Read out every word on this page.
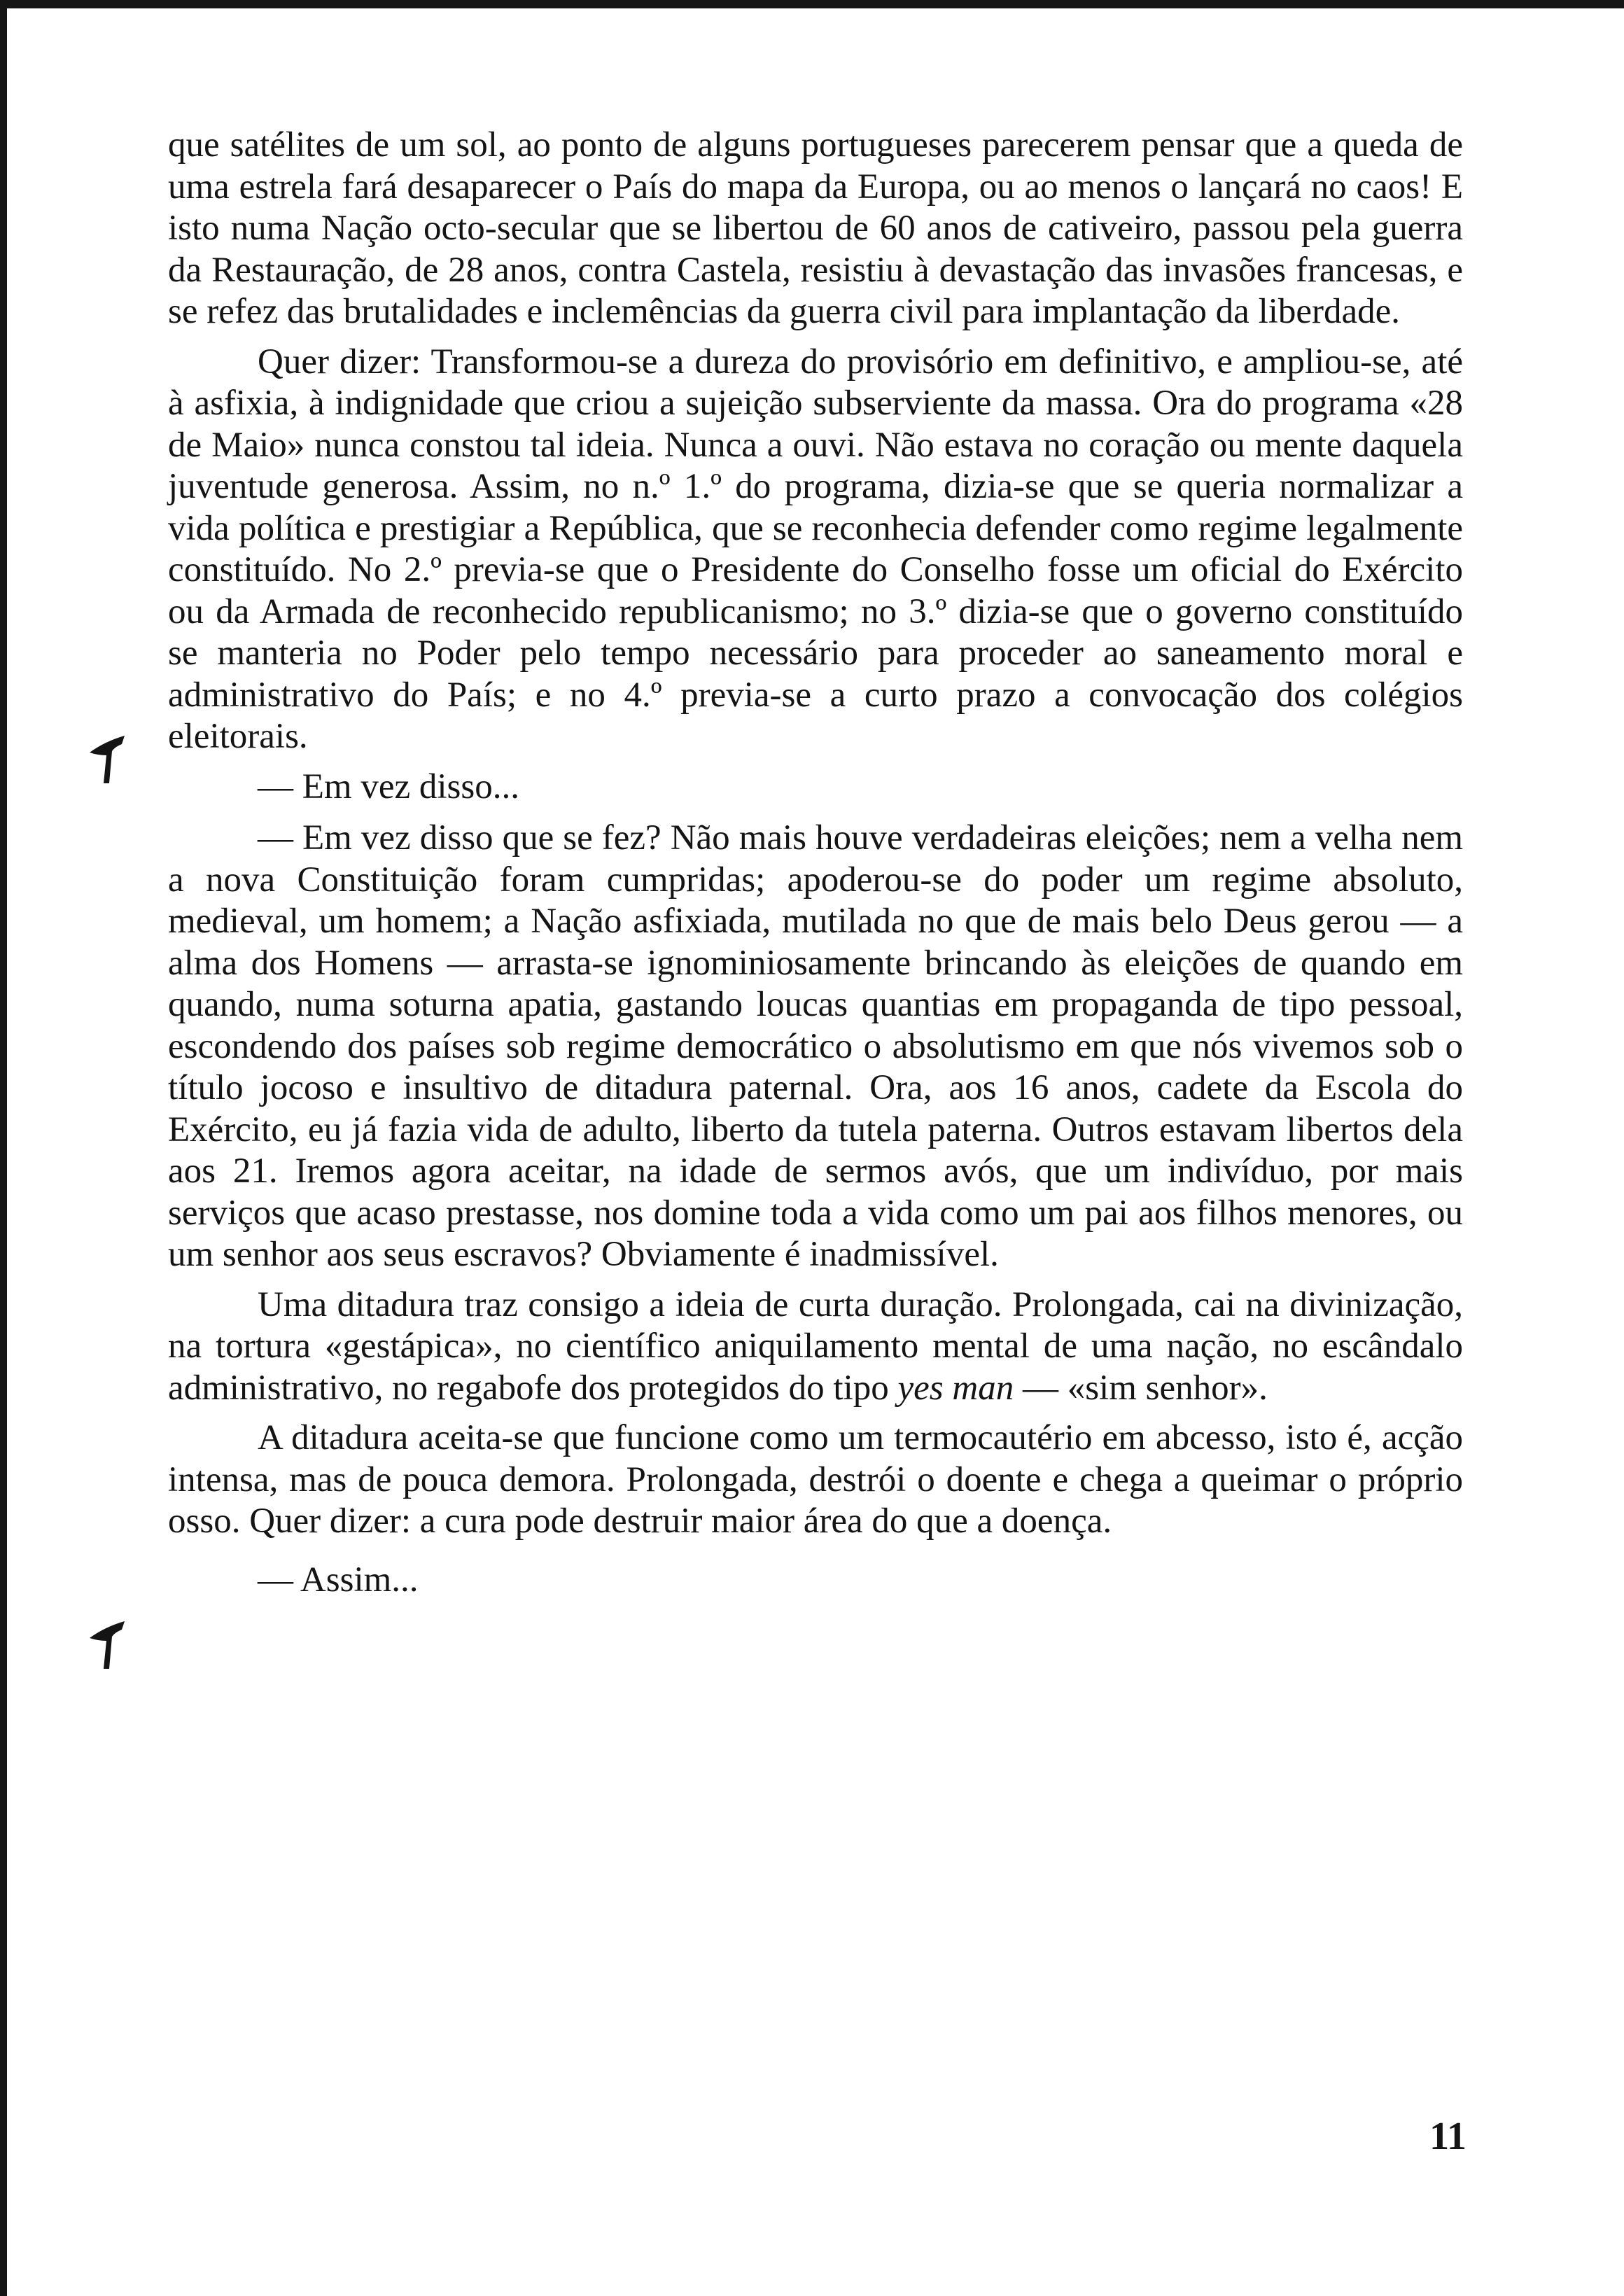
que satélites de um sol, ao ponto de alguns portugueses parecerem pensar que a queda de uma estrela fará desaparecer o País do mapa da Europa, ou ao menos o lançará no caos! E isto numa Nação octo-secular que se libertou de 60 anos de cativeiro, passou pela guerra da Restauração, de 28 anos, contra Castela, resistiu à devastação das invasões francesas, e se refez das brutalidades e inclemências da guerra civil para implantação da liberdade.

Quer dizer: Transformou-se a dureza do provisório em definitivo, e ampliou-se, até à asfixia, à indignidade que criou a sujeição subserviente da massa. Ora do programa «28 de Maio» nunca constou tal ideia. Nunca a ouvi. Não estava no coração ou mente daquela juventude generosa. Assim, no n.º 1.º do programa, dizia-se que se queria normalizar a vida política e prestigiar a República, que se reconhecia defender como regime legalmente constituído. No 2.º previa-se que o Presidente do Conselho fosse um oficial do Exército ou da Armada de reconhecido republicanismo; no 3.º dizia-se que o governo constituído se manteria no Poder pelo tempo necessário para proceder ao saneamento moral e administrativo do País; e no 4.º previa-se a curto prazo a convocação dos colégios eleitorais.

— Em vez disso...

— Em vez disso que se fez? Não mais houve verdadeiras eleições; nem a velha nem a nova Constituição foram cumpridas; apoderou-se do poder um regime absoluto, medieval, um homem; a Nação asfixiada, mutilada no que de mais belo Deus gerou — a alma dos Homens — arrasta-se ignominiosamente brincando às eleições de quando em quando, numa soturna apatia, gastando loucas quantias em propaganda de tipo pessoal, escondendo dos países sob regime democrático o absolutismo em que nós vivemos sob o título jocoso e insultivo de ditadura paternal. Ora, aos 16 anos, cadete da Escola do Exército, eu já fazia vida de adulto, liberto da tutela paterna. Outros estavam libertos dela aos 21. Iremos agora aceitar, na idade de sermos avós, que um indivíduo, por mais serviços que acaso prestasse, nos domine toda a vida como um pai aos filhos menores, ou um senhor aos seus escravos? Obviamente é inadmissível.

Uma ditadura traz consigo a ideia de curta duração. Prolongada, cai na divinização, na tortura «gestápica», no científico aniquilamento mental de uma nação, no escândalo administrativo, no regabofe dos protegidos do tipo yes man — «sim senhor».

A ditadura aceita-se que funcione como um termocautério em abcesso, isto é, acção intensa, mas de pouca demora. Prolongada, destrói o doente e chega a queimar o próprio osso. Quer dizer: a cura pode destruir maior área do que a doença.

— Assim...

11
